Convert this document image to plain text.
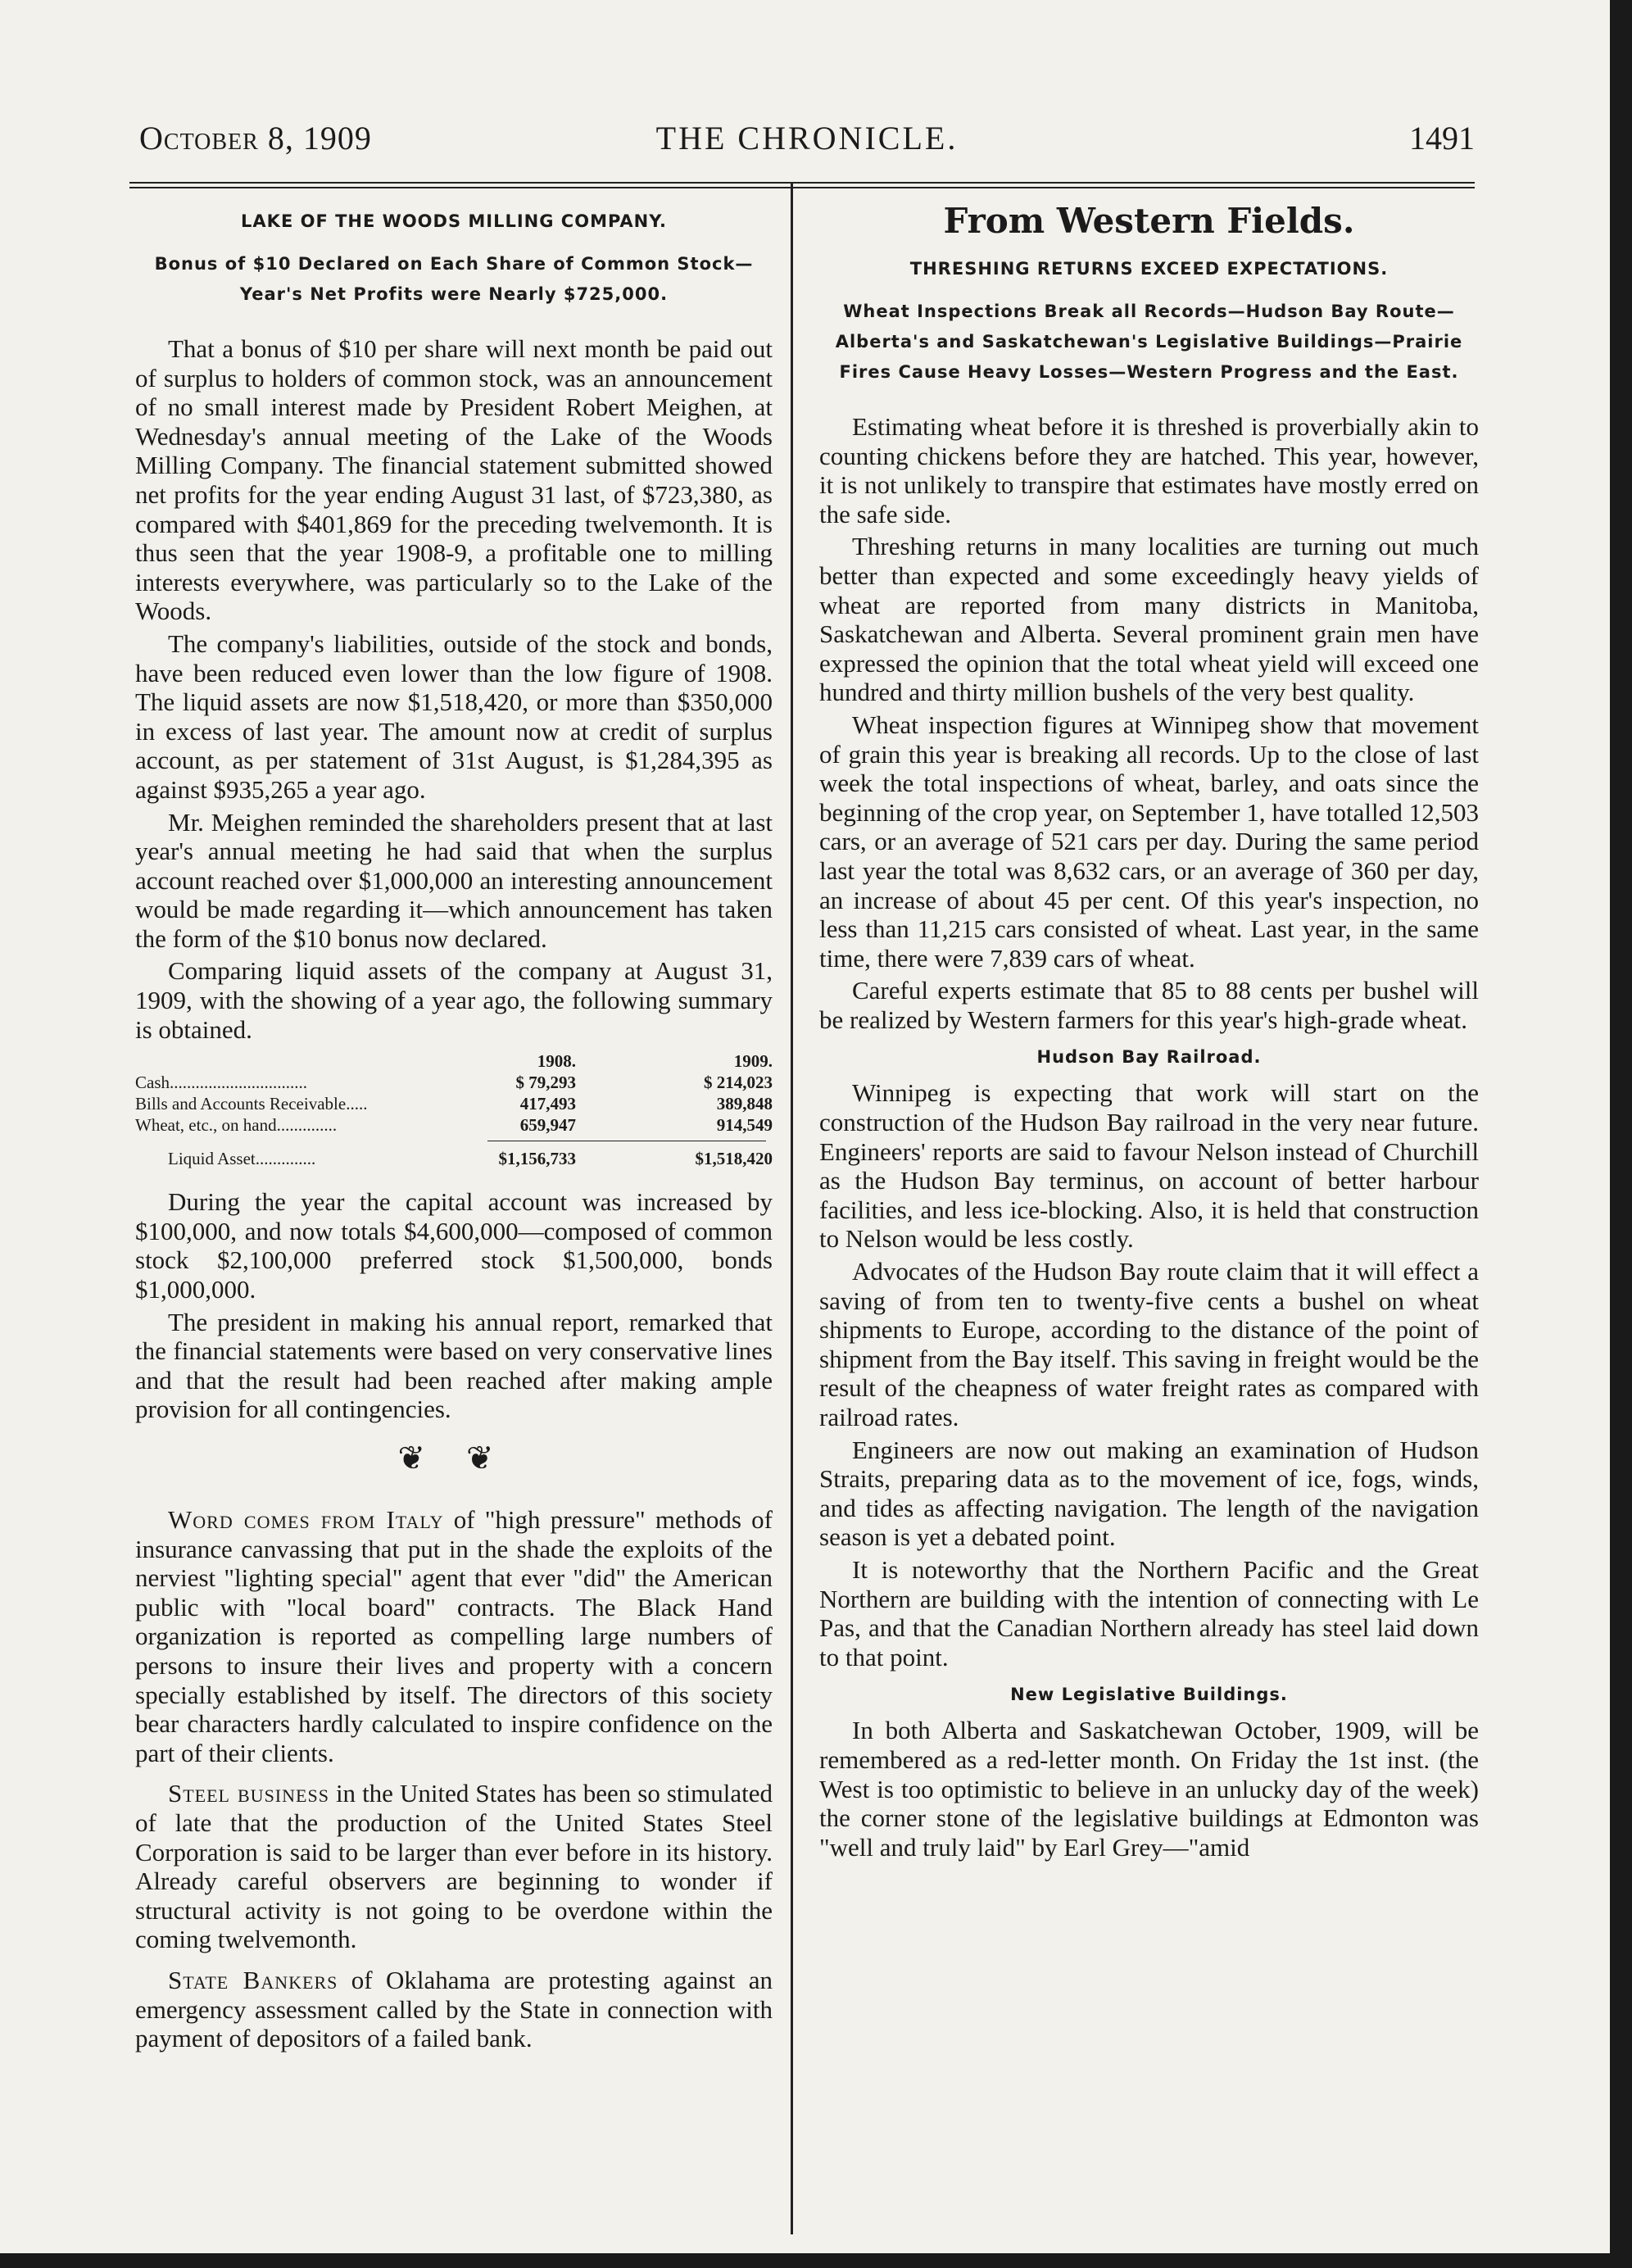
October 8, 1909	THE CHRONICLE.	1491
LAKE OF THE WOODS MILLING COMPANY.
Bonus of $10 Declared on Each Share of Common Stock—Year's Net Profits were Nearly $725,000.

That a bonus of $10 per share will next month be paid out of surplus to holders of common stock, was an announcement of no small interest made by President Robert Meighen, at Wednesday's annual meeting of the Lake of the Woods Milling Company. The financial statement submitted showed net profits for the year ending August 31 last, of $723,380, as compared with $401,869 for the preceding twelvemonth. It is thus seen that the year 1908-9, a profitable one to milling interests everywhere, was particularly so to the Lake of the Woods.

The company's liabilities, outside of the stock and bonds, have been reduced even lower than the low figure of 1908. The liquid assets are now $1,518,420, or more than $350,000 in excess of last year. The amount now at credit of surplus account, as per statement of 31st August, is $1,284,395 as against $935,265 a year ago.

Mr. Meighen reminded the shareholders present that at last year's annual meeting he had said that when the surplus account reached over $1,000,000 an interesting announcement would be made regarding it—which announcement has taken the form of the $10 bonus now declared.

Comparing liquid assets of the company at August 31, 1909, with the showing of a year ago, the following summary is obtained.

1908.	1909.
Cash................................	$ 79,293	$ 214,023
Bills and Accounts Receivable.....	417,493	389,848
Wheat, etc., on hand..............	659,947	914,549
Liquid Asset..............	$1,156,733	$1,518,420

During the year the capital account was increased by $100,000, and now totals $4,600,000—composed of common stock $2,100,000 preferred stock $1,500,000, bonds $1,000,000.

The president in making his annual report, remarked that the financial statements were based on very conservative lines and that the result had been reached after making ample provision for all contingencies.

❦ ❦

Word comes from Italy of "high pressure" methods of insurance canvassing that put in the shade the exploits of the nerviest "lighting special" agent that ever "did" the American public with "local board" contracts. The Black Hand organization is reported as compelling large numbers of persons to insure their lives and property with a concern specially established by itself. The directors of this society bear characters hardly calculated to inspire confidence on the part of their clients.

Steel business in the United States has been so stimulated of late that the production of the United States Steel Corporation is said to be larger than ever before in its history. Already careful observers are beginning to wonder if structural activity is not going to be overdone within the coming twelvemonth.

State Bankers of Oklahama are protesting against an emergency assessment called by the State in connection with payment of depositors of a failed bank.

From Western Fields.
THRESHING RETURNS EXCEED EXPECTATIONS.
Wheat Inspections Break all Records—Hudson Bay Route—Alberta's and Saskatchewan's Legislative Buildings—Prairie Fires Cause Heavy Losses—Western Progress and the East.

Estimating wheat before it is threshed is proverbially akin to counting chickens before they are hatched. This year, however, it is not unlikely to transpire that estimates have mostly erred on the safe side.

Threshing returns in many localities are turning out much better than expected and some exceedingly heavy yields of wheat are reported from many districts in Manitoba, Saskatchewan and Alberta. Several prominent grain men have expressed the opinion that the total wheat yield will exceed one hundred and thirty million bushels of the very best quality.

Wheat inspection figures at Winnipeg show that movement of grain this year is breaking all records. Up to the close of last week the total inspections of wheat, barley, and oats since the beginning of the crop year, on September 1, have totalled 12,503 cars, or an average of 521 cars per day. During the same period last year the total was 8,632 cars, or an average of 360 per day, an increase of about 45 per cent. Of this year's inspection, no less than 11,215 cars consisted of wheat. Last year, in the same time, there were 7,839 cars of wheat.

Careful experts estimate that 85 to 88 cents per bushel will be realized by Western farmers for this year's high-grade wheat.

Hudson Bay Railroad.

Winnipeg is expecting that work will start on the construction of the Hudson Bay railroad in the very near future. Engineers' reports are said to favour Nelson instead of Churchill as the Hudson Bay terminus, on account of better harbour facilities, and less ice-blocking. Also, it is held that construction to Nelson would be less costly.

Advocates of the Hudson Bay route claim that it will effect a saving of from ten to twenty-five cents a bushel on wheat shipments to Europe, according to the distance of the point of shipment from the Bay itself. This saving in freight would be the result of the cheapness of water freight rates as compared with railroad rates.

Engineers are now out making an examination of Hudson Straits, preparing data as to the movement of ice, fogs, winds, and tides as affecting navigation. The length of the navigation season is yet a debated point.

It is noteworthy that the Northern Pacific and the Great Northern are building with the intention of connecting with Le Pas, and that the Canadian Northern already has steel laid down to that point.

New Legislative Buildings.

In both Alberta and Saskatchewan October, 1909, will be remembered as a red-letter month. On Friday the 1st inst. (the West is too optimistic to believe in an unlucky day of the week) the corner stone of the legislative buildings at Edmonton was "well and truly laid" by Earl Grey—"amid
